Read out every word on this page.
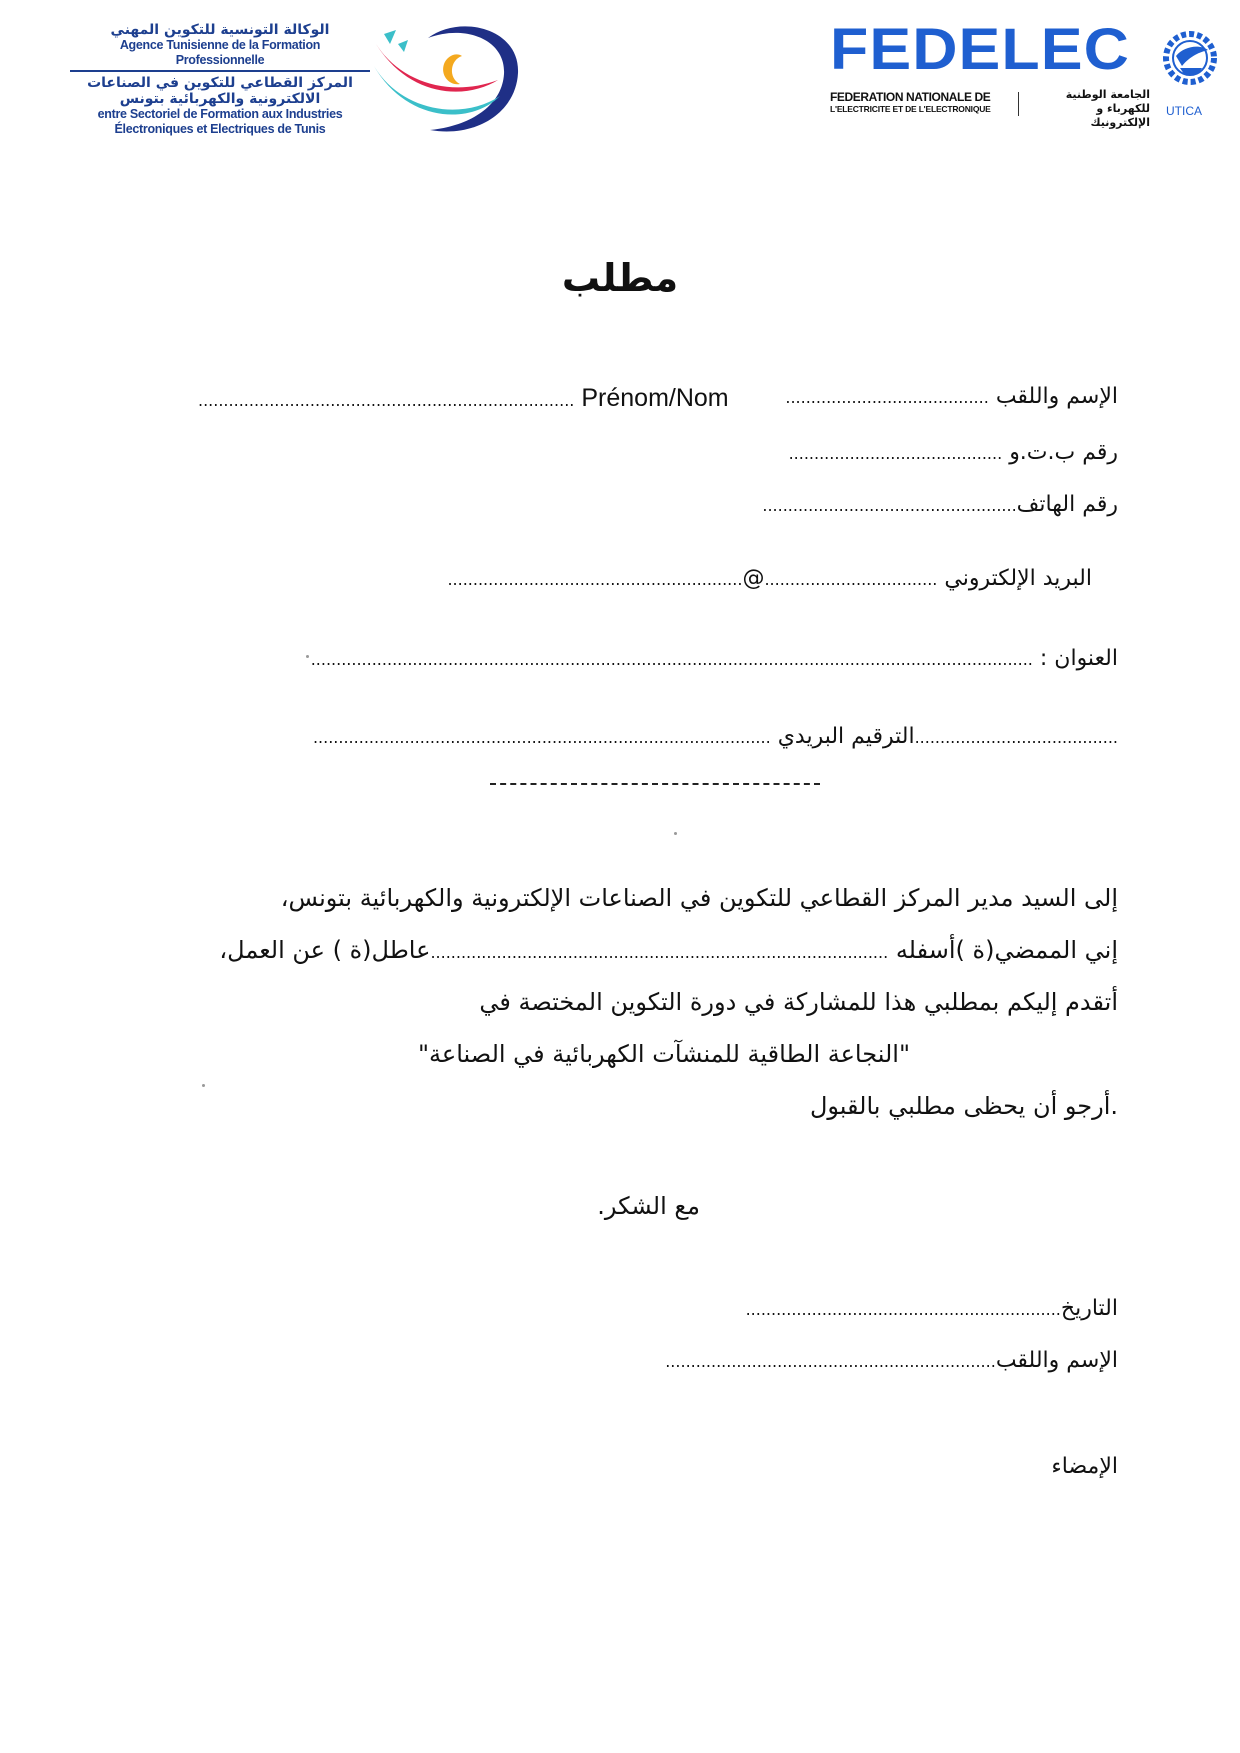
الوكالة التونسية للتكوين المهني
Agence Tunisienne de la Formation
Professionnelle
المركز القطاعي للتكوين في الصناعات
الالكترونية والكهربائية بتونس
entre Sectoriel de Formation aux Industries
Électroniques et Electriques de Tunis
FEDELEC
FEDERATION NATIONALE DE
L'ELECTRICITE ET DE L'ELECTRONIQUE
الجامعة الوطنية
للكهرباء و الإلكترونيك
UTICA
مطلب
الإسم واللقب ........................................
.......................................................................... Prénom/Nom
رقم ب.ت.و ..........................................
رقم الهاتف..................................................
البريد الإلكتروني ..........................................................@..................................
العنوان : ..............................................................................................................................................
........................................الترقيم البريدي ..........................................................................................
إلى السيد مدير المركز القطاعي للتكوين في الصناعات الإلكترونية والكهربائية بتونس،
إني الممضي(ة )أسفله ..........................................................................................عاطل(ة ) عن العمل،
أتقدم إليكم بمطلبي هذا للمشاركة في دورة التكوين المختصة في
"النجاعة الطاقية للمنشآت الكهربائية في الصناعة"
.أرجو أن يحظى مطلبي بالقبول
مع الشكر.
التاريخ..............................................................
الإسم واللقب.................................................................
الإمضاء
